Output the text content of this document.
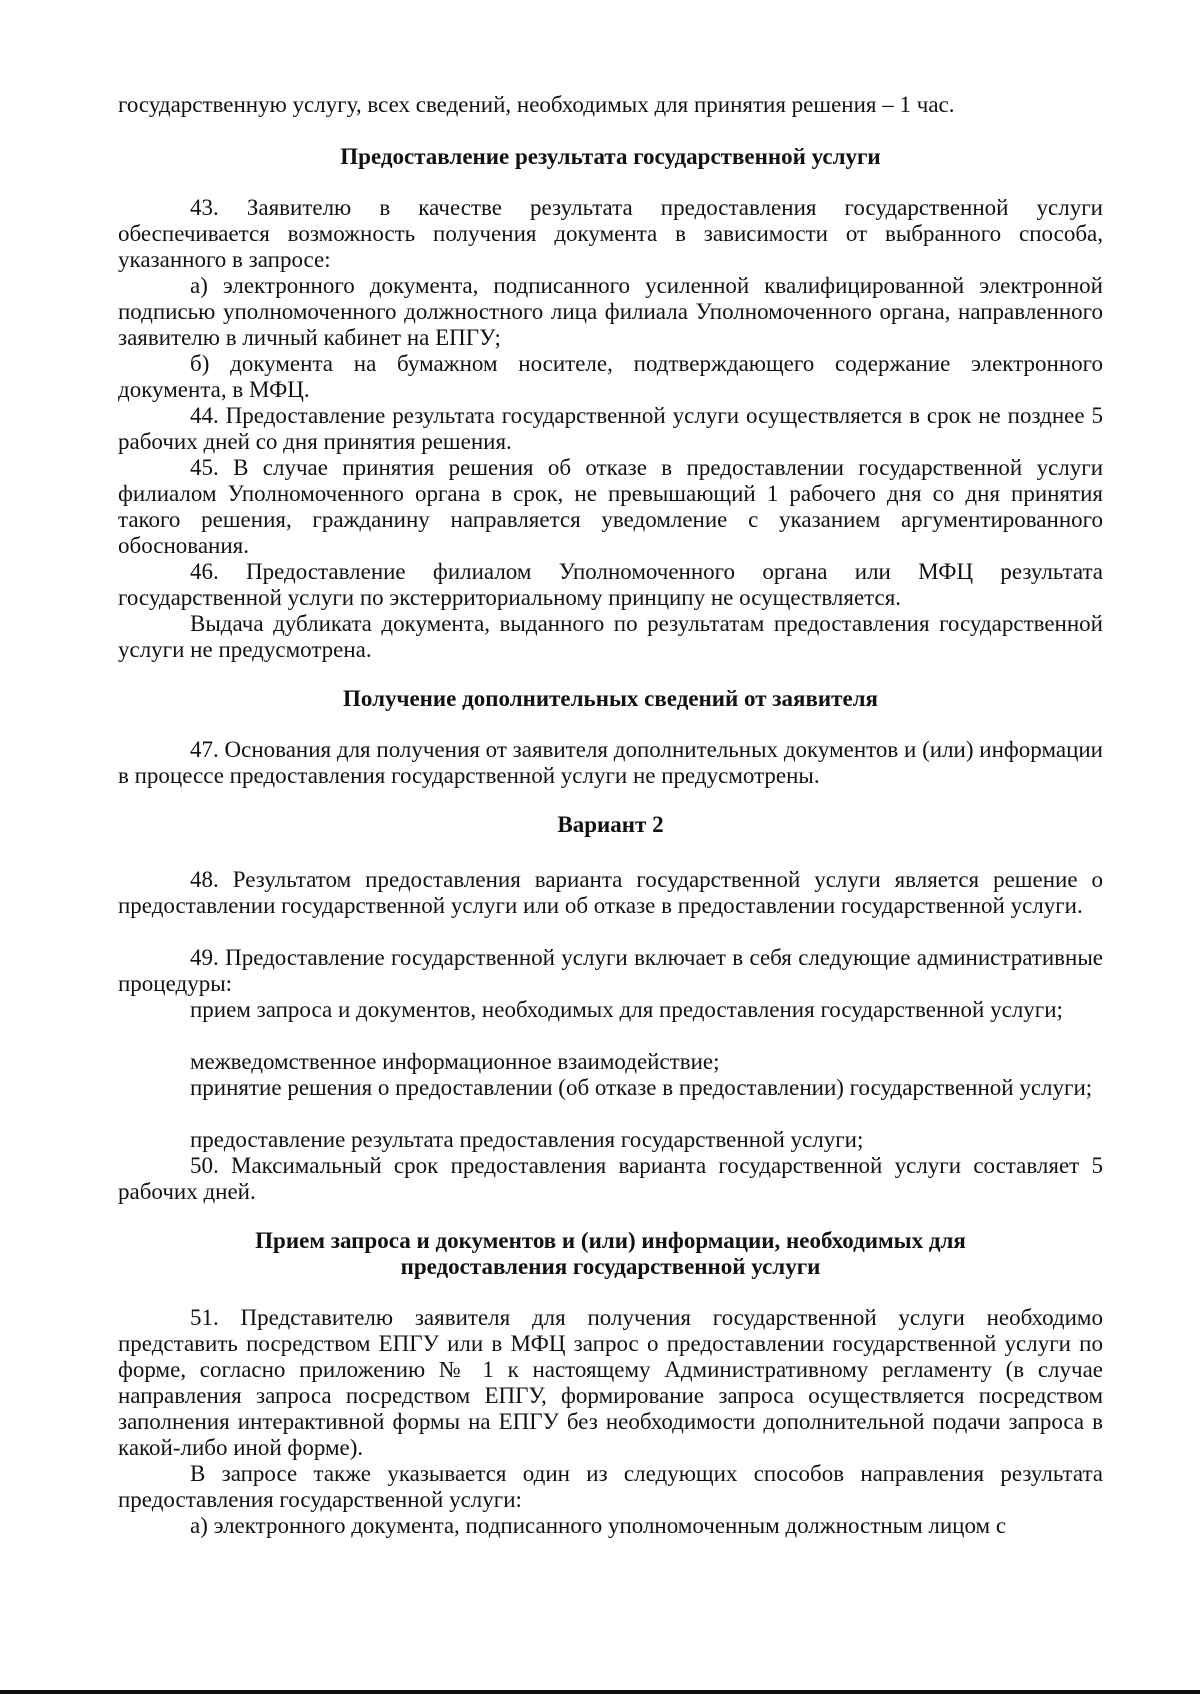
государственную услугу, всех сведений, необходимых для принятия решения – 1 час.

Предоставление результата государственной услуги

43. Заявителю в качестве результата предоставления государственной услуги обеспечивается возможность получения документа в зависимости от выбранного способа, указанного в запросе:

а) электронного документа, подписанного усиленной квалифицированной электронной подписью уполномоченного должностного лица филиала Уполномоченного органа, направленного заявителю в личный кабинет на ЕПГУ;

б) документа на бумажном носителе, подтверждающего содержание электронного документа, в МФЦ.

44. Предоставление результата государственной услуги осуществляется в срок не позднее 5 рабочих дней со дня принятия решения.

45. В случае принятия решения об отказе в предоставлении государственной услуги филиалом Уполномоченного органа в срок, не превышающий 1 рабочего дня со дня принятия такого решения, гражданину направляется уведомление с указанием аргументированного обоснования.

46. Предоставление филиалом Уполномоченного органа или МФЦ результата государственной услуги по экстерриториальному принципу не осуществляется.

Выдача дубликата документа, выданного по результатам предоставления государственной услуги не предусмотрена.

Получение дополнительных сведений от заявителя

47. Основания для получения от заявителя дополнительных документов и (или) информации в процессе предоставления государственной услуги не предусмотрены.

Вариант 2

48. Результатом предоставления варианта государственной услуги является решение о предоставлении государственной услуги или об отказе в предоставлении государственной услуги.

49. Предоставление государственной услуги включает в себя следующие административные процедуры:

прием запроса и документов, необходимых для предоставления государственной услуги;

межведомственное информационное взаимодействие;

принятие решения о предоставлении (об отказе в предоставлении) государственной услуги;

предоставление результата предоставления государственной услуги;

50. Максимальный срок предоставления варианта государственной услуги составляет 5 рабочих дней.

Прием запроса и документов и (или) информации, необходимых для

предоставления государственной услуги

51. Представителю заявителя для получения государственной услуги необходимо представить посредством ЕПГУ или в МФЦ запрос о предоставлении государственной услуги по форме, согласно приложению № 1 к настоящему Административному регламенту (в случае направления запроса посредством ЕПГУ, формирование запроса осуществляется посредством заполнения интерактивной формы на ЕПГУ без необходимости дополнительной подачи запроса в какой-либо иной форме).

В запросе также указывается один из следующих способов направления результата предоставления государственной услуги:

а) электронного документа, подписанного уполномоченным должностным лицом с
